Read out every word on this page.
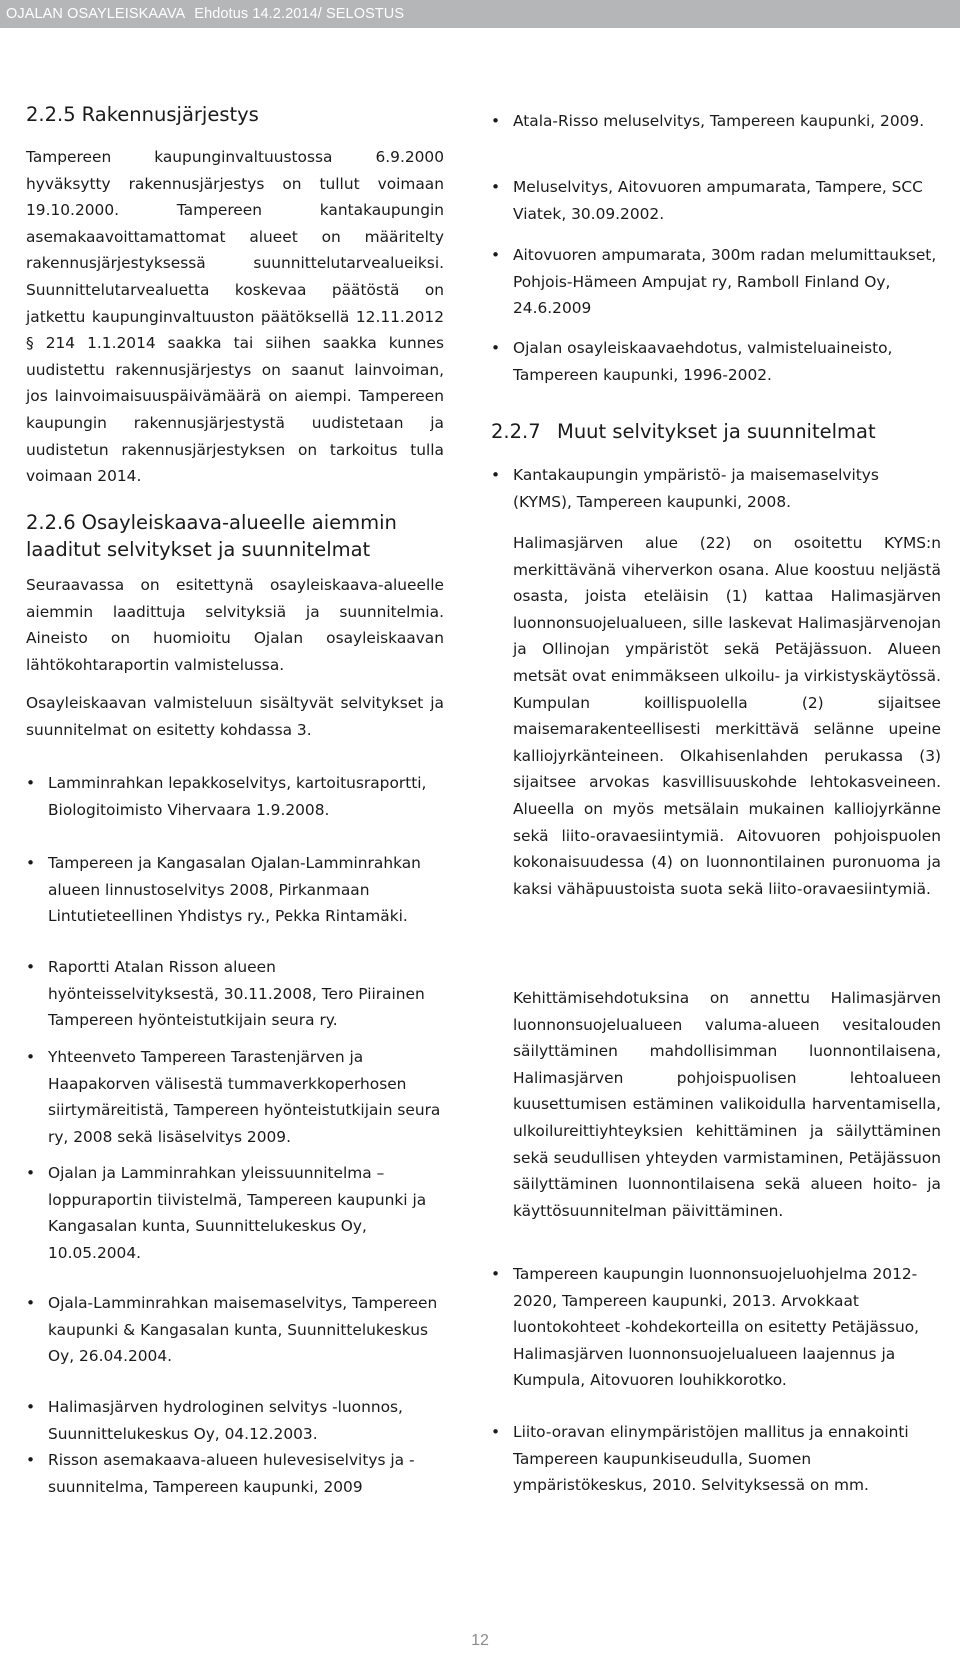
OJALAN OSAYLEISKAAVA Ehdotus 14.2.2014/ SELOSTUS
2.2.5 Rakennusjärjestys
Tampereen kaupunginvaltuustossa 6.9.2000 hyväksytty rakennusjärjestys on tullut voimaan 19.10.2000. Tampereen kantakaupungin asemakaavoittamattomat alueet on määritelty rakennusjärjestyksessä suunnittelutarvealueiksi. Suunnittelutarvealuetta koskevaa päätöstä on jatkettu kaupunginvaltuuston päätöksellä 12.11.2012 § 214 1.1.2014 saakka tai siihen saakka kunnes uudistettu rakennusjärjestys on saanut lainvoiman, jos lainvoimaisuuspäivämäärä on aiempi. Tampereen kaupungin rakennusjärjestystä uudistetaan ja uudistetun rakennusjärjestyksen on tarkoitus tulla voimaan 2014.
2.2.6 Osayleiskaava-alueelle aiemmin laaditut selvitykset ja suunnitelmat
Seuraavassa on esitettynä osayleiskaava-alueelle aiemmin laadittuja selvityksiä ja suunnitelmia. Aineisto on huomioitu Ojalan osayleiskaavan lähtökohtaraportin valmistelussa.
Osayleiskaavan valmisteluun sisältyvät selvitykset ja suunnitelmat on esitetty kohdassa 3.
• Lamminrahkan lepakkoselvitys, kartoitusraportti, Biologitoimisto Vihervaara 1.9.2008.
• Tampereen ja Kangasalan Ojalan-Lamminrahkan alueen linnustoselvitys 2008, Pirkanmaan Lintutieteellinen Yhdistys ry., Pekka Rintamäki.
• Raportti Atalan Risson alueen hyönteisselvityksestä, 30.11.2008, Tero Piirainen Tampereen hyönteistutkijain seura ry.
• Yhteenveto Tampereen Tarastenjärven ja Haapakorven välisestä tummaverkkoperhosen siirtymäreitistä, Tampereen hyönteistutkijain seura ry, 2008 sekä lisäselvitys 2009.
• Ojalan ja Lamminrahkan yleissuunnitelma – loppuraportin tiivistelmä, Tampereen kaupunki ja Kangasalan kunta, Suunnittelukeskus Oy, 10.05.2004.
• Ojala-Lamminrahkan maisemaselvitys, Tampereen kaupunki & Kangasalan kunta, Suunnittelukeskus Oy, 26.04.2004.
• Halimasjärven hydrologinen selvitys -luonnos, Suunnittelukeskus Oy, 04.12.2003.
• Risson asemakaava-alueen hulevesiselvitys ja -suunnitelma, Tampereen kaupunki, 2009
• Atala-Risso meluselvitys, Tampereen kaupunki, 2009.
• Meluselvitys, Aitovuoren ampumarata, Tampere, SCC Viatek, 30.09.2002.
• Aitovuoren ampumarata, 300m radan melumittaukset, Pohjois-Hämeen Ampujat ry, Ramboll Finland Oy, 24.6.2009
• Ojalan osayleiskaavaehdotus, valmisteluaineisto, Tampereen kaupunki, 1996-2002.
2.2.7 Muut selvitykset ja suunnitelmat
• Kantakaupungin ympäristö- ja maisemaselvitys (KYMS), Tampereen kaupunki, 2008.
Halimasjärven alue (22) on osoitettu KYMS:n merkittävänä viherverkon osana. Alue koostuu neljästä osasta, joista eteläisin (1) kattaa Halimasjärven luonnonsuojelualueen, sille laskevat Halimasjärvenojan ja Ollinojan ympäristöt sekä Petäjässuon. Alueen metsät ovat enimmäkseen ulkoilu- ja virkistyskäytössä. Kumpulan koillispuolella (2) sijaitsee maisemarakenteellisesti merkittävä selänne upeine kalliojyrkänteineen. Olkahisenlahden perukassa (3) sijaitsee arvokas kasvillisuuskohde lehtokasveineen. Alueella on myös metsälain mukainen kalliojyrkänne sekä liito-oravaesiintymiä. Aitovuoren pohjoispuolen kokonaisuudessa (4) on luonnontilainen puronuoma ja kaksi vähäpuustoista suota sekä liito-oravaesiintymiä.
Kehittämisehdotuksina on annettu Halimasjärven luonnonsuojelualueen valuma-alueen vesitalouden säilyttäminen mahdollisimman luonnontilaisena, Halimasjärven pohjoispuolisen lehtoalueen kuusettumisen estäminen valikoidulla harventamisella, ulkoilureittiyhteyksien kehittäminen ja säilyttäminen sekä seudullisen yhteyden varmistaminen, Petäjässuon säilyttäminen luonnontilaisena sekä alueen hoito- ja käyttösuunnitelman päivittäminen.
• Tampereen kaupungin luonnonsuojeluohjelma 2012-2020, Tampereen kaupunki, 2013. Arvokkaat luontokohteet -kohdekorteilla on esitetty Petäjässuo, Halimasjärven luonnonsuojelualueen laajennus ja Kumpula, Aitovuoren louhikkorotko.
• Liito-oravan elinympäristöjen mallitus ja ennakointi Tampereen kaupunkiseudulla, Suomen ympäristökeskus, 2010. Selvityksessä on mm.
12
